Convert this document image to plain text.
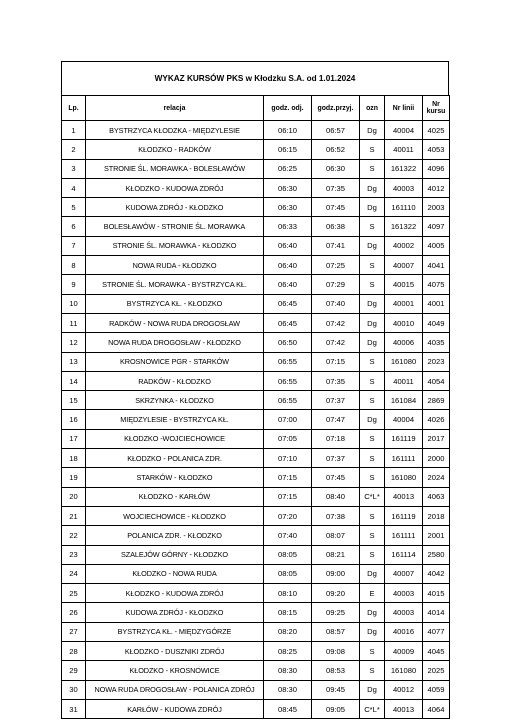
WYKAZ KURSÓW PKS w Kłodzku S.A. od 1.01.2024
Lp.	relacja	godz. odj.	godz.przyj.	ozn	Nr linii	Nr kursu
1	BYSTRZYCA KŁODZKA - MIĘDZYLESIE	06:10	06:57	Dg	40004	4025
2	KŁODZKO - RADKÓW	06:15	06:52	S	40011	4053
3	STRONIE ŚL. MORAWKA - BOLESŁAWÓW	06:25	06:30	S	161322	4096
4	KŁODZKO - KUDOWA ZDRÓJ	06:30	07:35	Dg	40003	4012
5	KUDOWA ZDRÓJ - KŁODZKO	06:30	07:45	Dg	161110	2003
6	BOLESŁAWÓW - STRONIE ŚL. MORAWKA	06:33	06:38	S	161322	4097
7	STRONIE ŚL. MORAWKA - KŁODZKO	06:40	07:41	Dg	40002	4005
8	NOWA RUDA - KŁODZKO	06:40	07:25	S	40007	4041
9	STRONIE ŚL. MORAWKA - BYSTRZYCA KŁ.	06:40	07:29	S	40015	4075
10	BYSTRZYCA KŁ. - KŁODZKO	06:45	07:40	Dg	40001	4001
11	RADKÓW - NOWA RUDA DROGOSŁAW	06:45	07:42	Dg	40010	4049
12	NOWA RUDA DROGOSŁAW - KŁODZKO	06:50	07:42	Dg	40006	4035
13	KROSNOWICE PGR - STARKÓW	06:55	07:15	S	161080	2023
14	RADKÓW - KŁODZKO	06:55	07:35	S	40011	4054
15	SKRZYNKA - KŁODZKO	06:55	07:37	S	161084	2869
16	MIĘDZYLESIE - BYSTRZYCA KŁ.	07:00	07:47	Dg	40004	4026
17	KŁODZKO -WOJCIECHOWICE	07:05	07:18	S	161119	2017
18	KŁODZKO - POLANICA ZDR.	07:10	07:37	S	161111	2000
19	STARKÓW - KŁODZKO	07:15	07:45	S	161080	2024
20	KŁODZKO - KARŁÓW	07:15	08:40	C*L*	40013	4063
21	WOJCIECHOWICE - KŁODZKO	07:20	07:38	S	161119	2018
22	POLANICA ZDR. - KŁODZKO	07:40	08:07	S	161111	2001
23	SZALEJÓW GÓRNY - KŁODZKO	08:05	08:21	S	161114	2580
24	KŁODZKO - NOWA RUDA	08:05	09:00	Dg	40007	4042
25	KŁODZKO - KUDOWA ZDRÓJ	08:10	09:20	E	40003	4015
26	KUDOWA ZDRÓJ - KŁODZKO	08:15	09:25	Dg	40003	4014
27	BYSTRZYCA KŁ. - MIĘDZYGÓRZE	08:20	08:57	Dg	40016	4077
28	KŁODZKO - DUSZNIKI ZDRÓJ	08:25	09:08	S	40009	4045
29	KŁODZKO - KROSNOWICE	08:30	08:53	S	161080	2025
30	NOWA RUDA DROGOSŁAW - POLANICA ZDRÓJ	08:30	09:45	Dg	40012	4059
31	KARŁÓW - KUDOWA ZDRÓJ	08:45	09:05	C*L*	40013	4064
